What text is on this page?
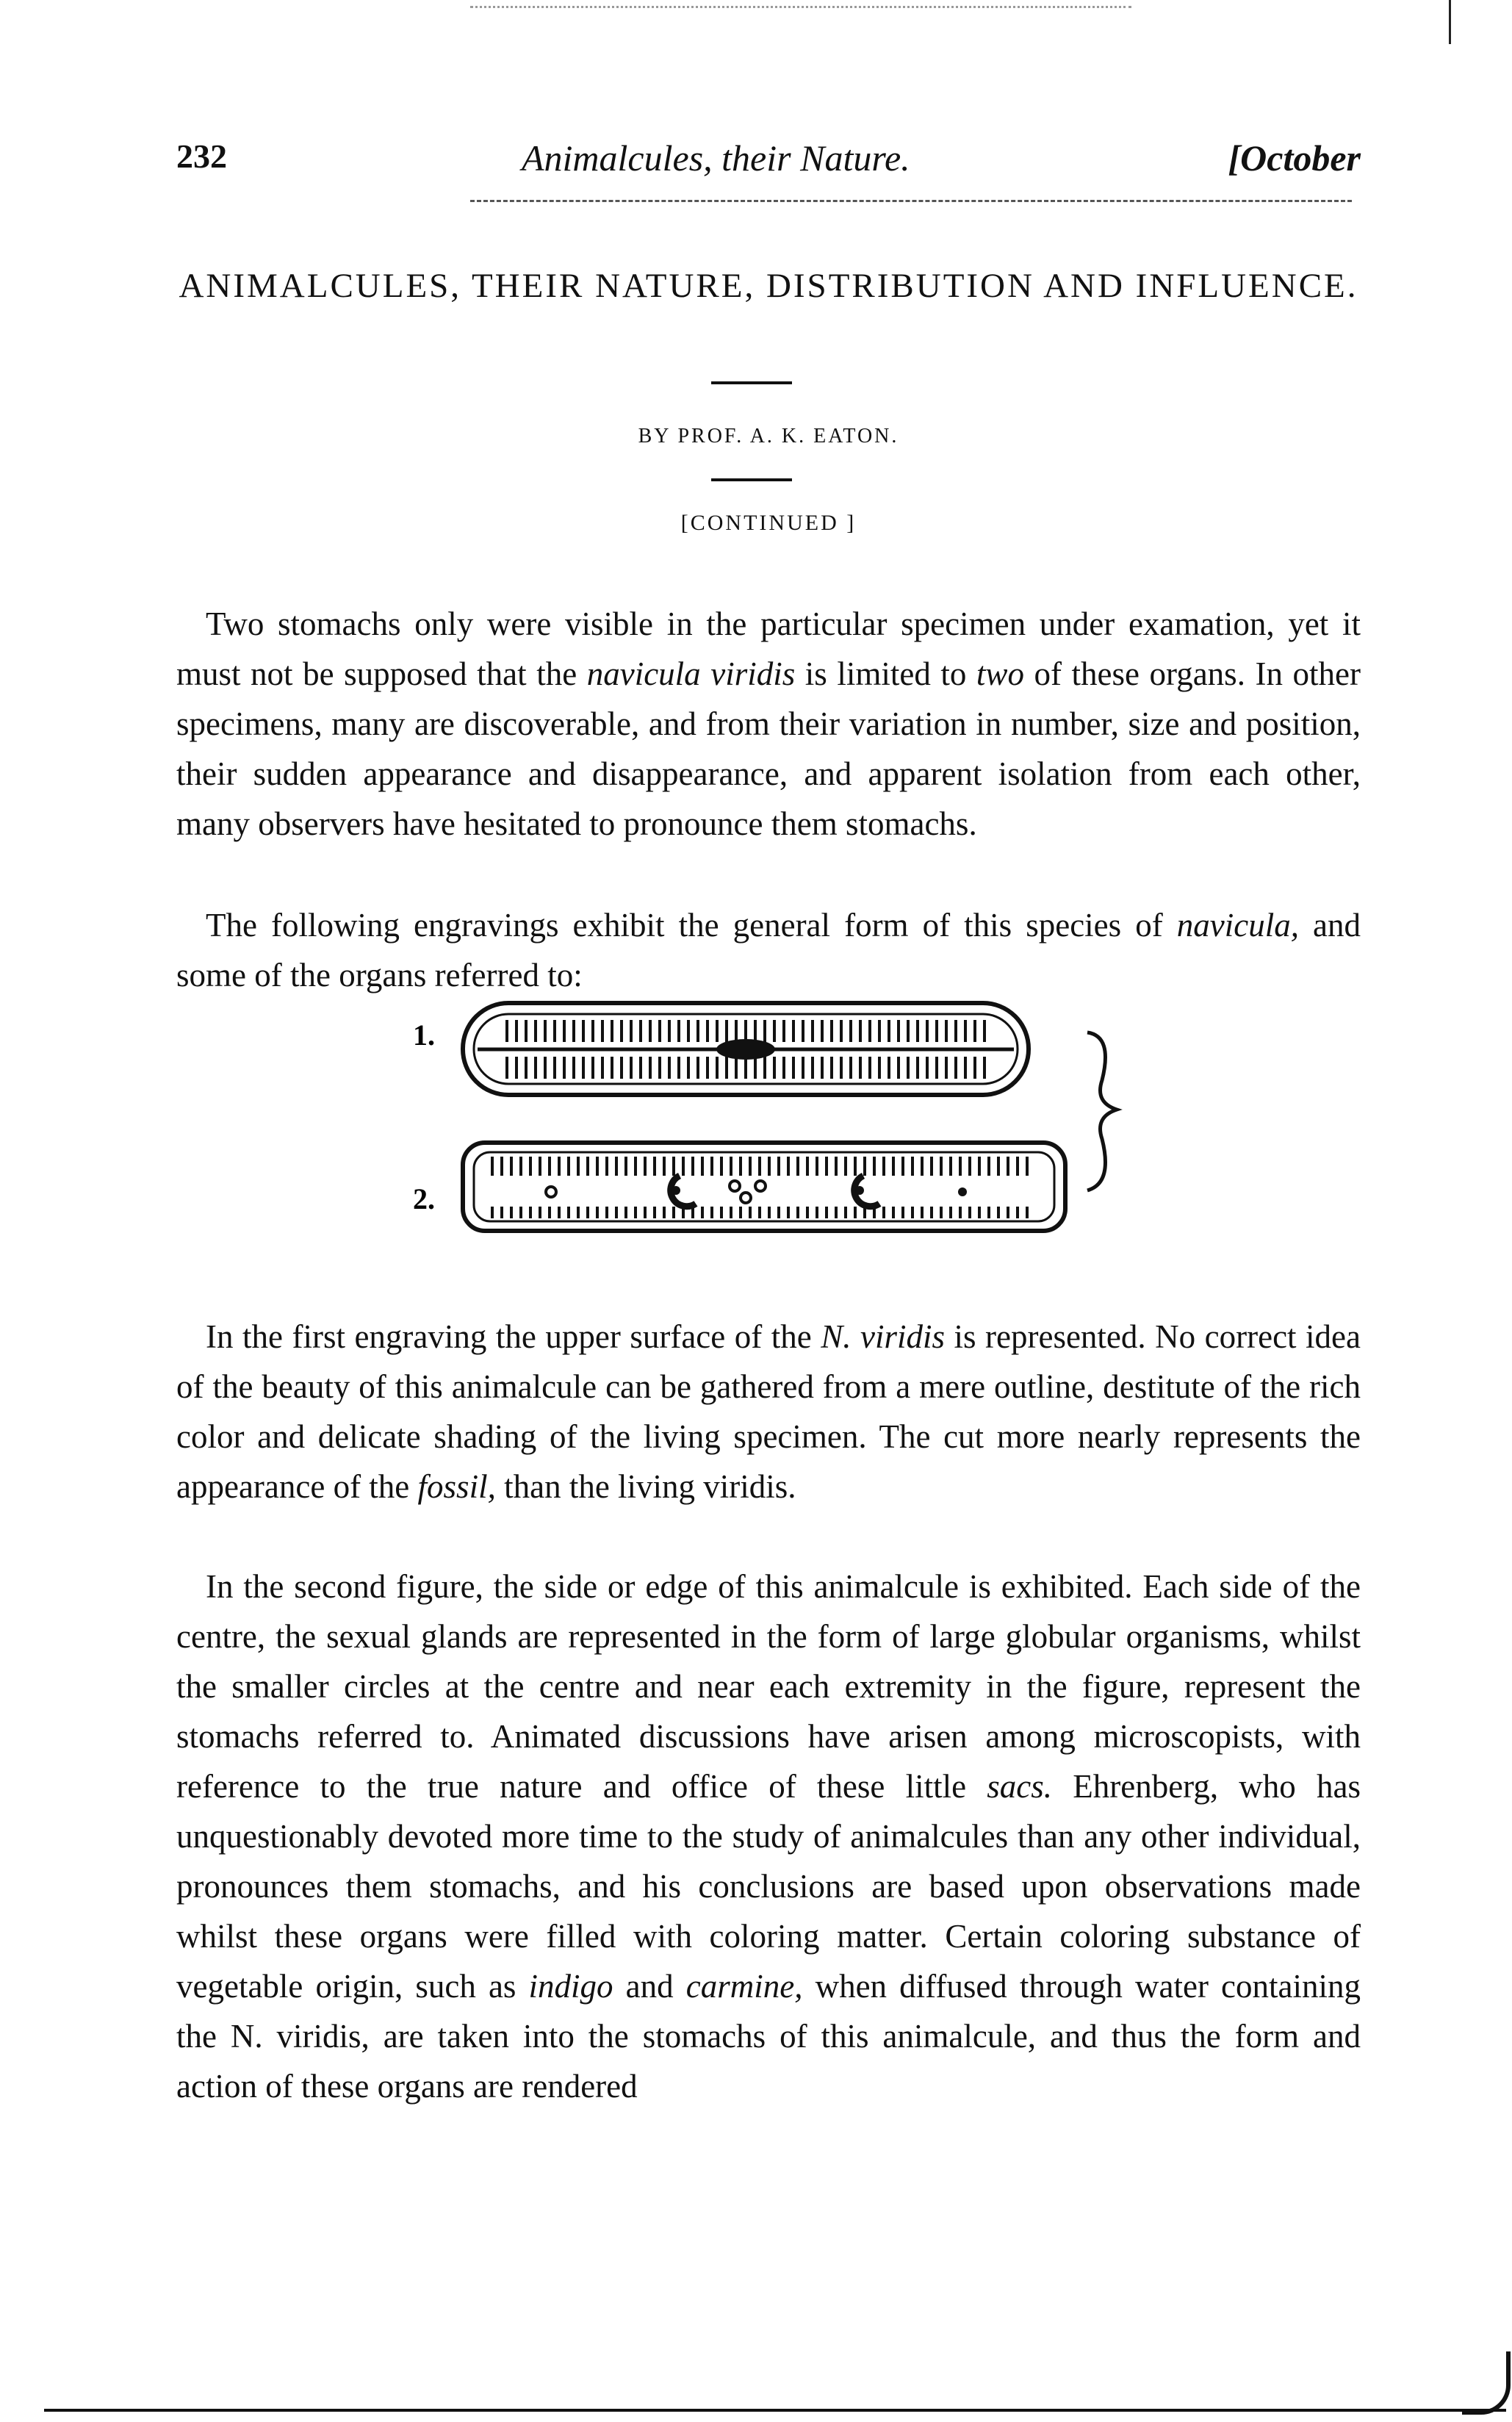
232	Animalcules, their Nature.	[October
ANIMALCULES, THEIR NATURE, DISTRIBUTION AND INFLUENCE.
BY PROF. A. K. EATON.
[CONTINUED ]

Two stomachs only were visible in the particular specimen under examation, yet it must not be supposed that the navicula viridis is limited to two of these organs. In other specimens, many are discoverable, and from their variation in number, size and position, their sudden appearance and disappearance, and apparent isolation from each other, many observers have hesitated to pronounce them stomachs.

The following engravings exhibit the general form of this species of navicula, and some of the organs referred to:

1.
2.

In the first engraving the upper surface of the N. viridis is represented. No correct idea of the beauty of this animalcule can be gathered from a mere outline, destitute of the rich color and delicate shading of the living specimen. The cut more nearly represents the appearance of the fossil, than the living viridis.

In the second figure, the side or edge of this animalcule is exhibited. Each side of the centre, the sexual glands are represented in the form of large globular organisms, whilst the smaller circles at the centre and near each extremity in the figure, represent the stomachs referred to. Animated discussions have arisen among microscopists, with reference to the true nature and office of these little sacs. Ehrenberg, who has unquestionably devoted more time to the study of animalcules than any other individual, pronounces them stomachs, and his conclusions are based upon observations made whilst these organs were filled with coloring matter. Certain coloring substance of vegetable origin, such as indigo and carmine, when diffused through water containing the N. viridis, are taken into the stomachs of this animalcule, and thus the form and action of these organs are rendered
